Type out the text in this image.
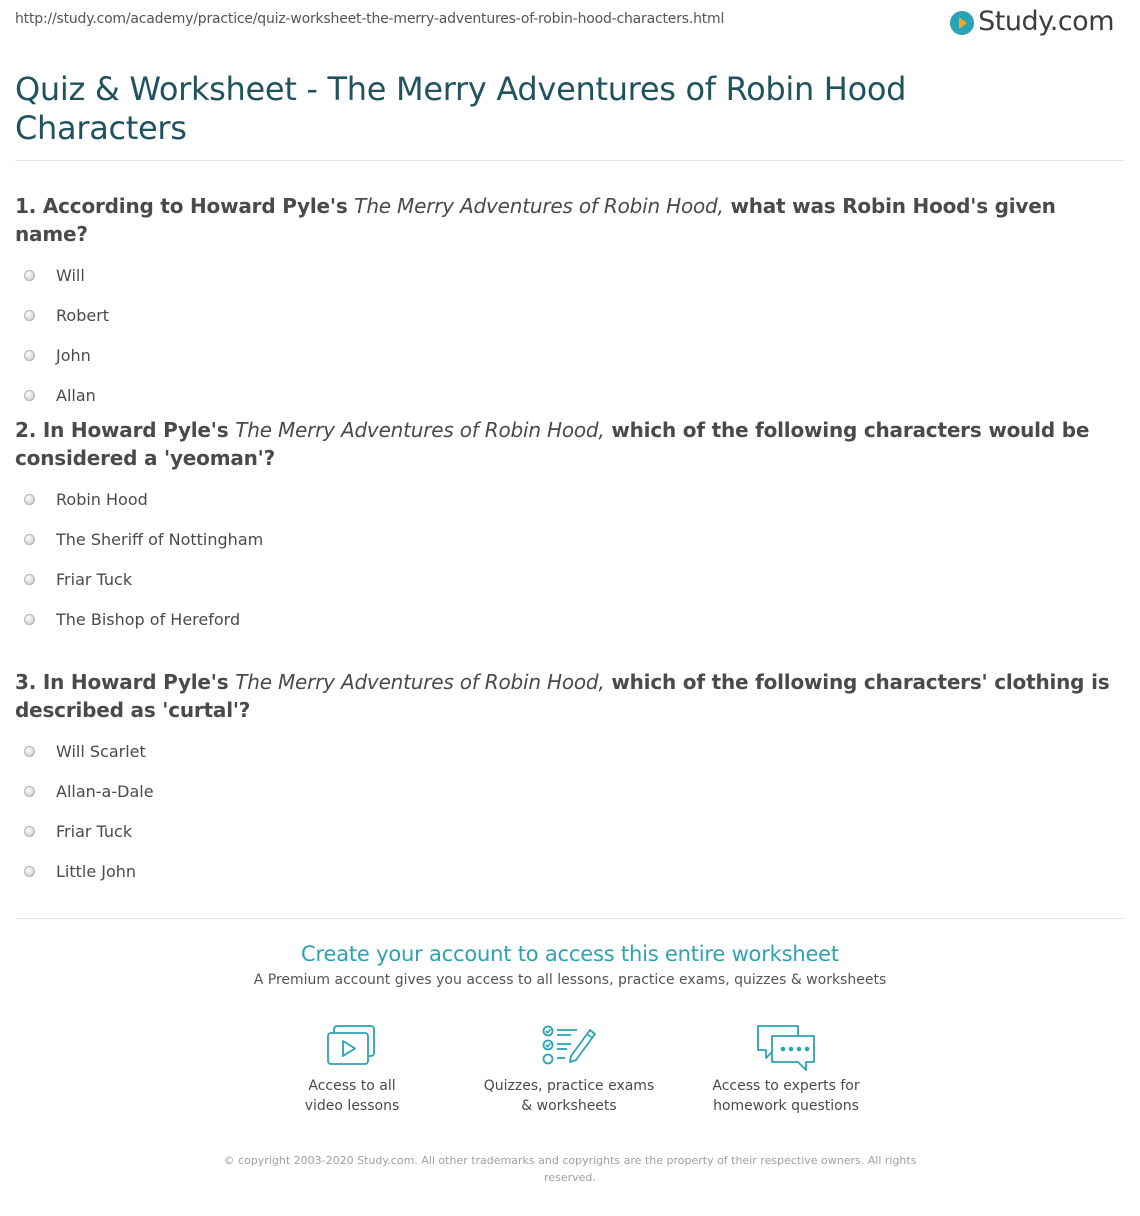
http://study.com/academy/practice/quiz-worksheet-the-merry-adventures-of-robin-hood-characters.html	Study.com
Quiz & Worksheet - The Merry Adventures of Robin Hood Characters

1. According to Howard Pyle's The Merry Adventures of Robin Hood, what was Robin Hood's given name?

Will
Robert
John
Allan

2. In Howard Pyle's The Merry Adventures of Robin Hood, which of the following characters would be considered a 'yeoman'?

Robin Hood
The Sheriff of Nottingham
Friar Tuck
The Bishop of Hereford

3. In Howard Pyle's The Merry Adventures of Robin Hood, which of the following characters' clothing is described as 'curtal'?

Will Scarlet
Allan-a-Dale
Friar Tuck
Little John
Create your account to access this entire worksheet
A Premium account gives you access to all lessons, practice exams, quizzes & worksheets
Access to all
video lessons
Quizzes, practice exams
& worksheets
Access to experts for
homework questions
© copyright 2003-2020 Study.com. All other trademarks and copyrights are the property of their respective owners. All rights reserved.
